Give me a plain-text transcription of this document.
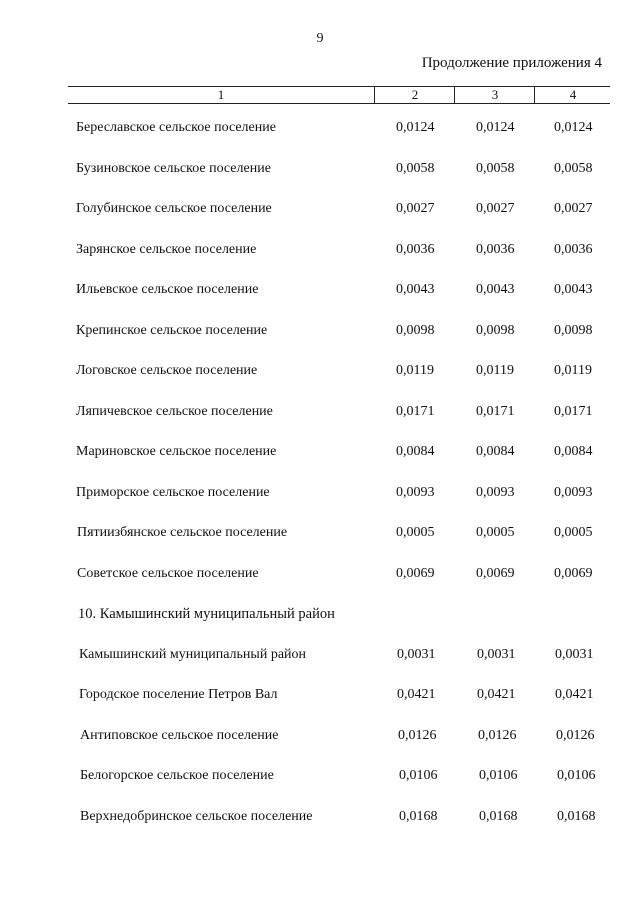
9
Продолжение приложения 4
1	2	3	4
Береславское сельское поселение	0,0124	0,0124	0,0124
Бузиновское сельское поселение	0,0058	0,0058	0,0058
Голубинское сельское поселение	0,0027	0,0027	0,0027
Зарянское сельское поселение	0,0036	0,0036	0,0036
Ильевское сельское поселение	0,0043	0,0043	0,0043
Крепинское сельское поселение	0,0098	0,0098	0,0098
Логовское сельское поселение	0,0119	0,0119	0,0119
Ляпичевское сельское поселение	0,0171	0,0171	0,0171
Мариновское сельское поселение	0,0084	0,0084	0,0084
Приморское сельское поселение	0,0093	0,0093	0,0093
Пятиизбянское сельское поселение	0,0005	0,0005	0,0005
Советское сельское поселение	0,0069	0,0069	0,0069
10. Камышинский муниципальный район
Камышинский муниципальный район	0,0031	0,0031	0,0031
Городское поселение Петров Вал	0,0421	0,0421	0,0421
Антиповское сельское поселение	0,0126	0,0126	0,0126
Белогорское сельское поселение	0,0106	0,0106	0,0106
Верхнедобринское сельское поселение	0,0168	0,0168	0,0168
